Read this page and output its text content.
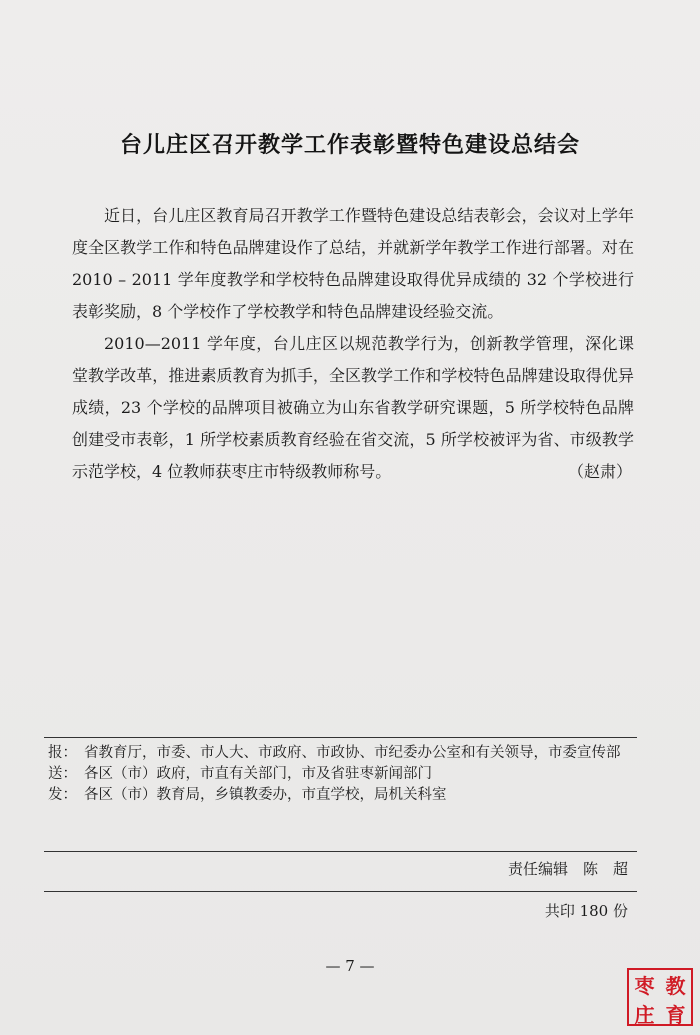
台儿庄区召开教学工作表彰暨特色建设总结会

近日，台儿庄区教育局召开教学工作暨特色建设总结表彰会，会议对上学年度全区教学工作和特色品牌建设作了总结，并就新学年教学工作进行部署。对在 2010 – 2011 学年度教学和学校特色品牌建设取得优异成绩的 32 个学校进行表彰奖励，8 个学校作了学校教学和特色品牌建设经验交流。

2010—2011 学年度，台儿庄区以规范教学行为，创新教学管理，深化课堂教学改革，推进素质教育为抓手，全区教学工作和学校特色品牌建设取得优异成绩，23 个学校的品牌项目被确立为山东省教学研究课题，5 所学校特色品牌创建受市表彰，1 所学校素质教育经验在省交流，5 所学校被评为省、市级教学示范学校，4 位教师获枣庄市特级教师称号。	（赵肃）
报： 省教育厅，市委、市人大、市政府、市政协、市纪委办公室和有关领导，市委宣传部
送： 各区（市）政府，市直有关部门，市及省驻枣新闻部门
发： 各区（市）教育局，乡镇教委办，市直学校，局机关科室
责任编辑　陈　超
共印 180 份
— 7 —
枣 教
庄 育
